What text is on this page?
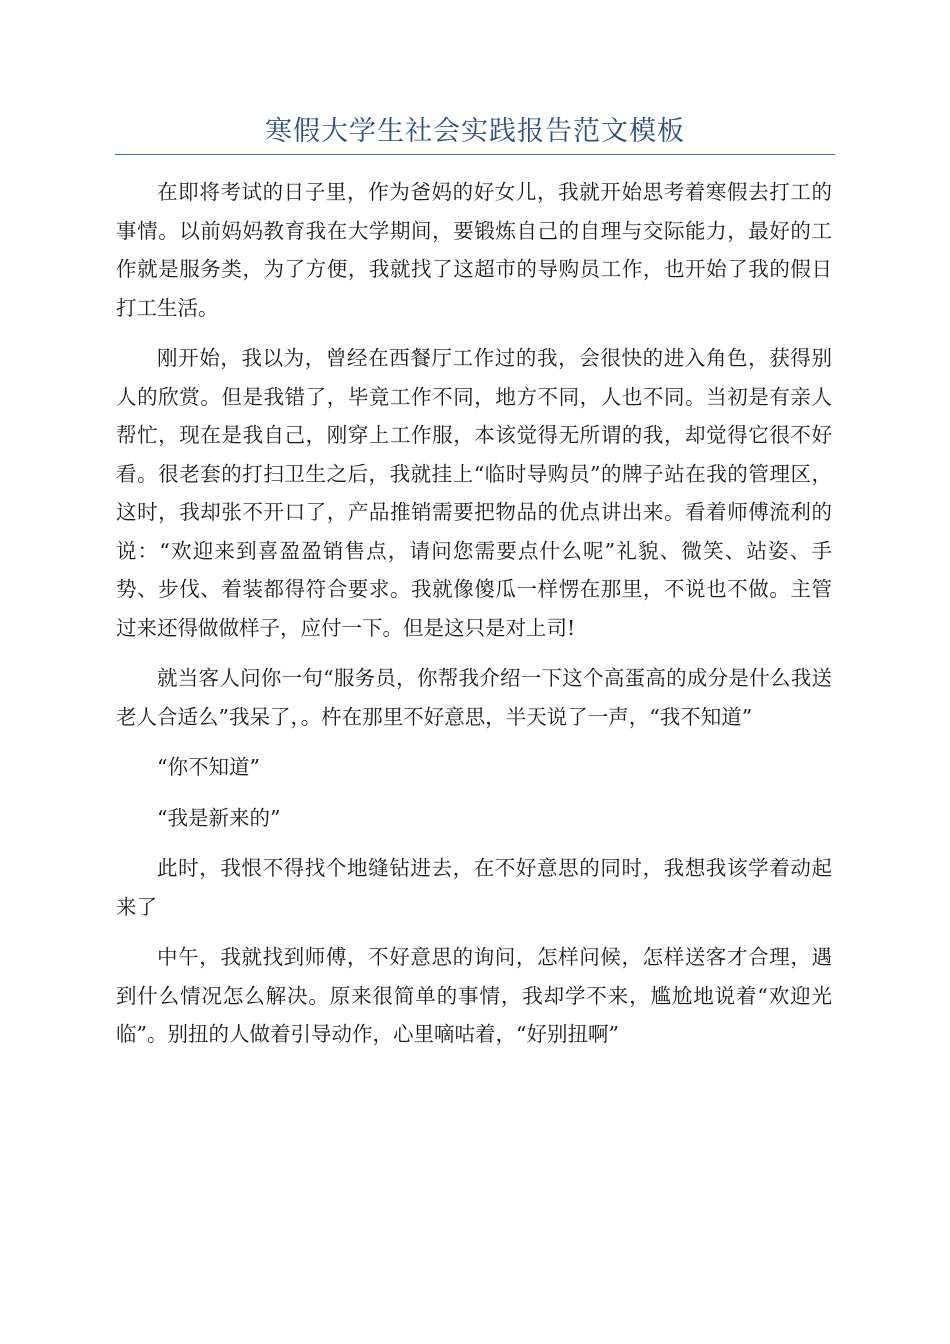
寒假大学生社会实践报告范文模板

在即将考试的日子里，作为爸妈的好女儿，我就开始思考着寒假去打工的事情。以前妈妈教育我在大学期间，要锻炼自己的自理与交际能力，最好的工作就是服务类，为了方便，我就找了这超市的导购员工作，也开始了我的假日打工生活。

刚开始，我以为，曾经在西餐厅工作过的我，会很快的进入角色，获得别人的欣赏。但是我错了，毕竟工作不同，地方不同，人也不同。当初是有亲人帮忙，现在是我自己，刚穿上工作服，本该觉得无所谓的我，却觉得它很不好看。很老套的打扫卫生之后，我就挂上“临时导购员”的牌子站在我的管理区，这时，我却张不开口了，产品推销需要把物品的优点讲出来。看着师傅流利的说：“欢迎来到喜盈盈销售点，请问您需要点什么呢”礼貌、微笑、站姿、手势、步伐、着装都得符合要求。我就像傻瓜一样愣在那里，不说也不做。主管过来还得做做样子，应付一下。但是这只是对上司!

就当客人问你一句“服务员，你帮我介绍一下这个高蛋高的成分是什么我送老人合适么”我呆了，。杵在那里不好意思，半天说了一声，“我不知道”

“你不知道”

“我是新来的”

此时，我恨不得找个地缝钻进去，在不好意思的同时，我想我该学着动起来了

中午，我就找到师傅，不好意思的询问，怎样问候，怎样送客才合理，遇到什么情况怎么解决。原来很简单的事情，我却学不来，尴尬地说着“欢迎光临”。别扭的人做着引导动作，心里嘀咕着，“好别扭啊”
